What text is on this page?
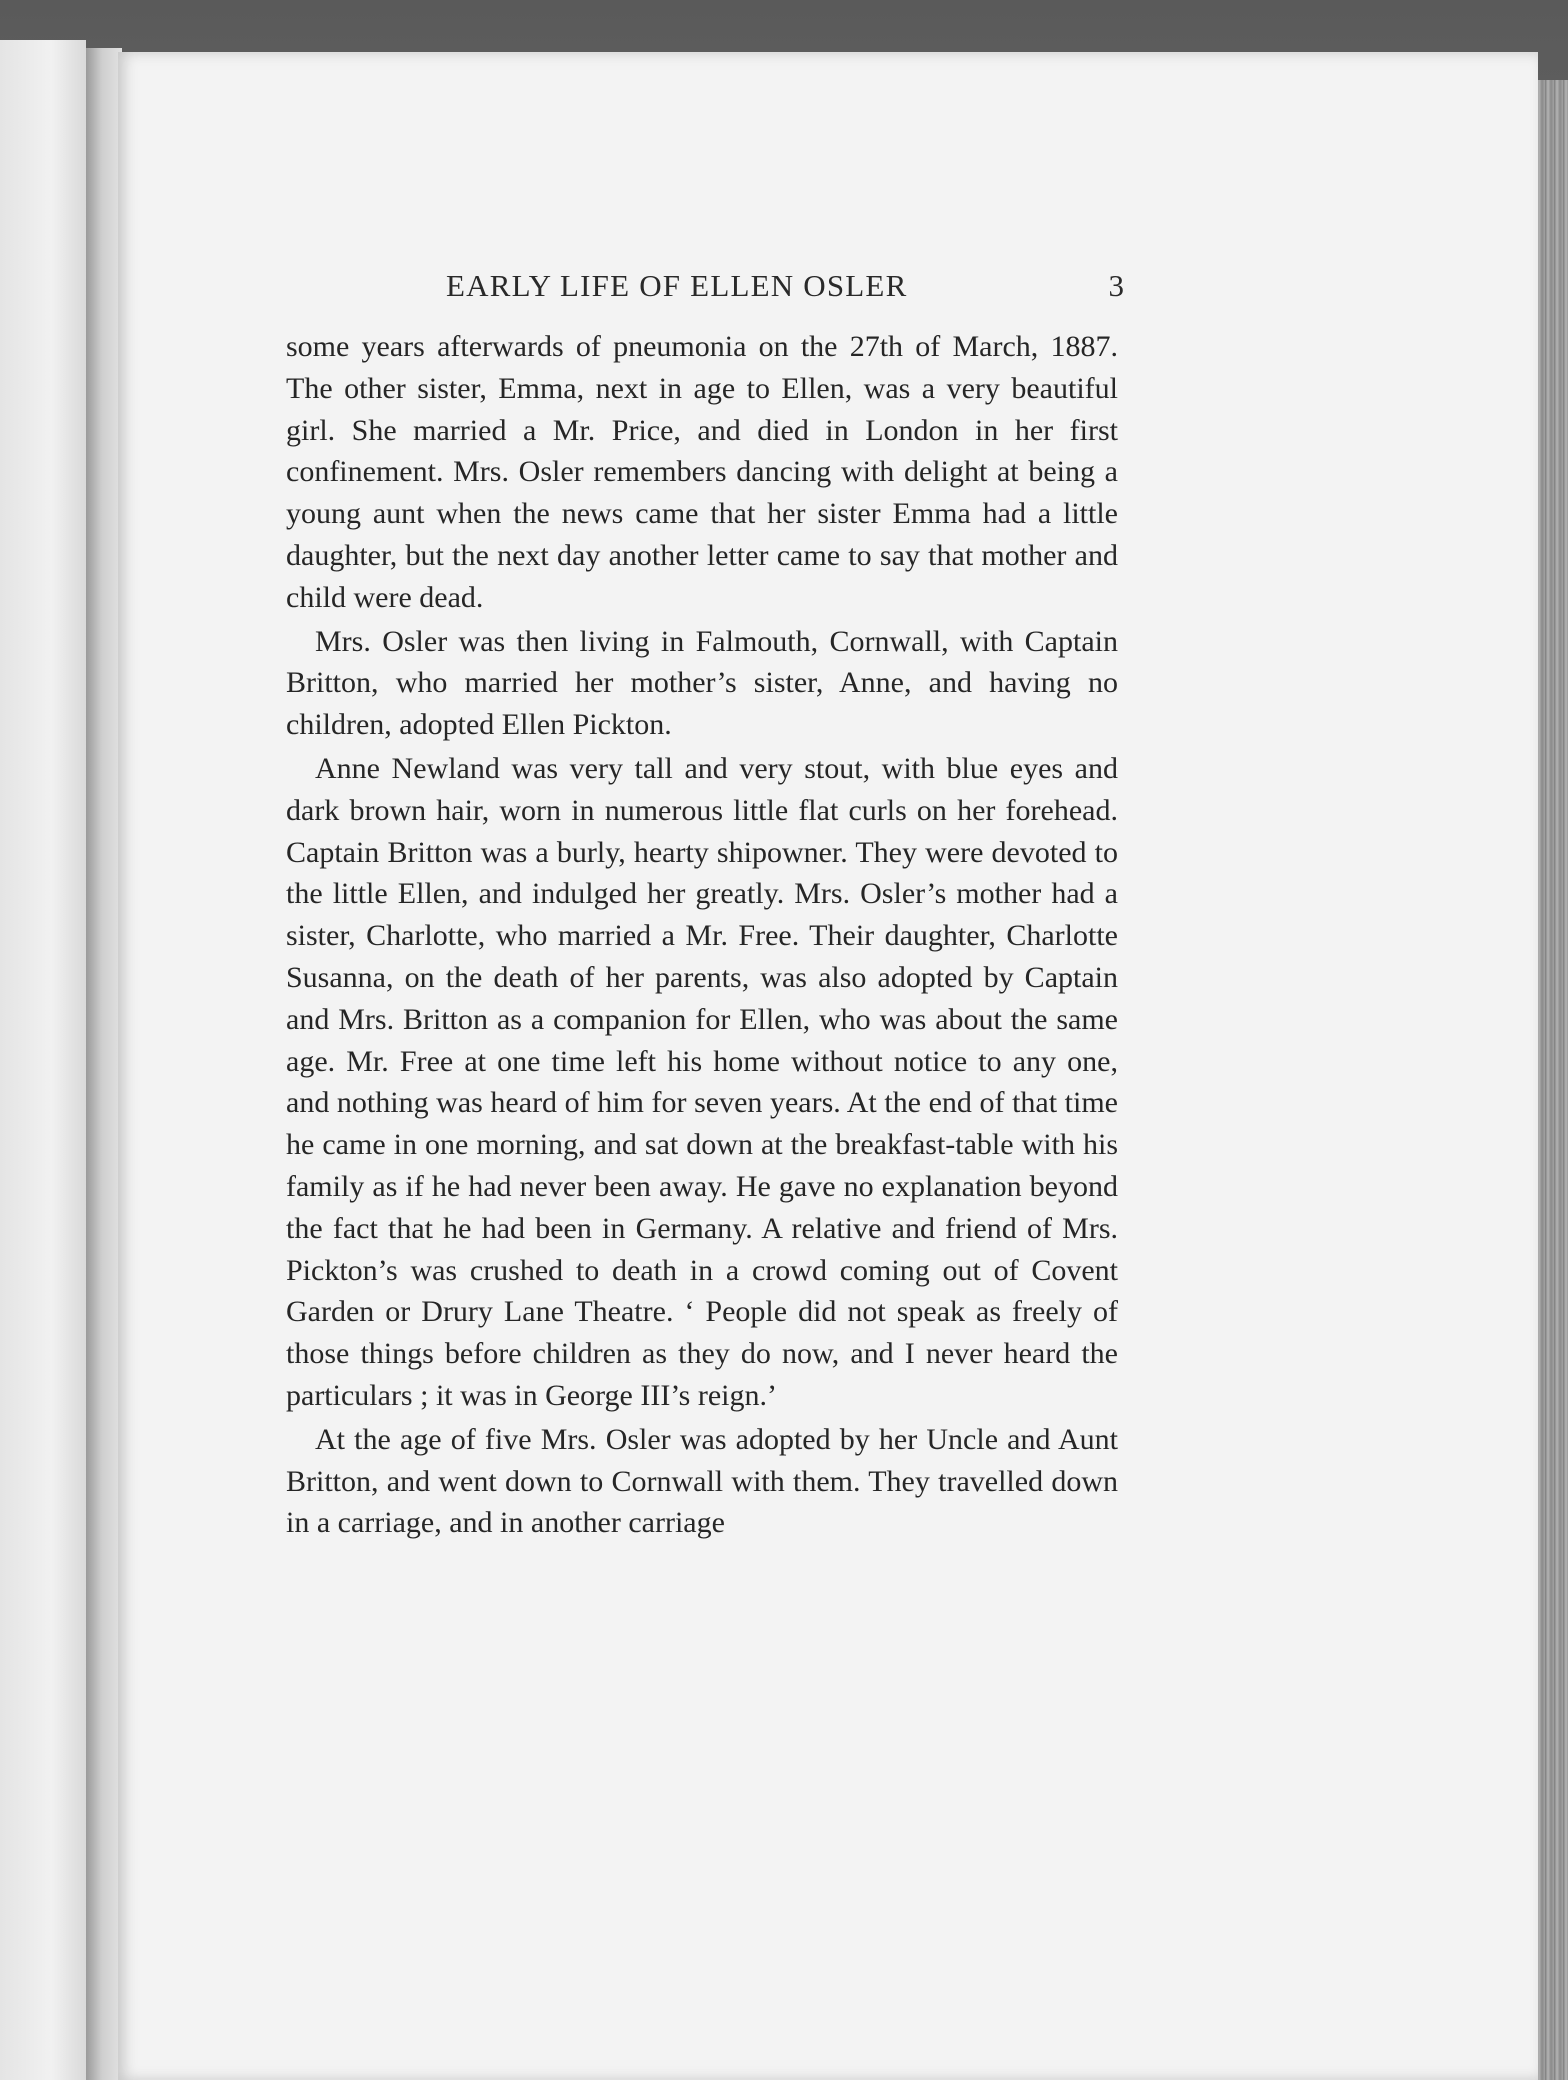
EARLY LIFE OF ELLEN OSLER	3

some years afterwards of pneumonia on the 27th of March, 1887. The other sister, Emma, next in age to Ellen, was a very beautiful girl. She married a Mr. Price, and died in London in her first confinement. Mrs. Osler remembers dancing with delight at being a young aunt when the news came that her sister Emma had a little daughter, but the next day another letter came to say that mother and child were dead.

Mrs. Osler was then living in Falmouth, Cornwall, with Captain Britton, who married her mother’s sister, Anne, and having no children, adopted Ellen Pickton.

Anne Newland was very tall and very stout, with blue eyes and dark brown hair, worn in numerous little flat curls on her forehead. Captain Britton was a burly, hearty shipowner. They were devoted to the little Ellen, and indulged her greatly. Mrs. Osler’s mother had a sister, Charlotte, who married a Mr. Free. Their daughter, Charlotte Susanna, on the death of her parents, was also adopted by Captain and Mrs. Britton as a companion for Ellen, who was about the same age. Mr. Free at one time left his home without notice to any one, and nothing was heard of him for seven years. At the end of that time he came in one morning, and sat down at the breakfast-table with his family as if he had never been away. He gave no explanation beyond the fact that he had been in Germany. A relative and friend of Mrs. Pickton’s was crushed to death in a crowd coming out of Covent Garden or Drury Lane Theatre. ‘ People did not speak as freely of those things before children as they do now, and I never heard the particulars ; it was in George III’s reign.’

At the age of five Mrs. Osler was adopted by her Uncle and Aunt Britton, and went down to Cornwall with them. They travelled down in a carriage, and in another carriage
